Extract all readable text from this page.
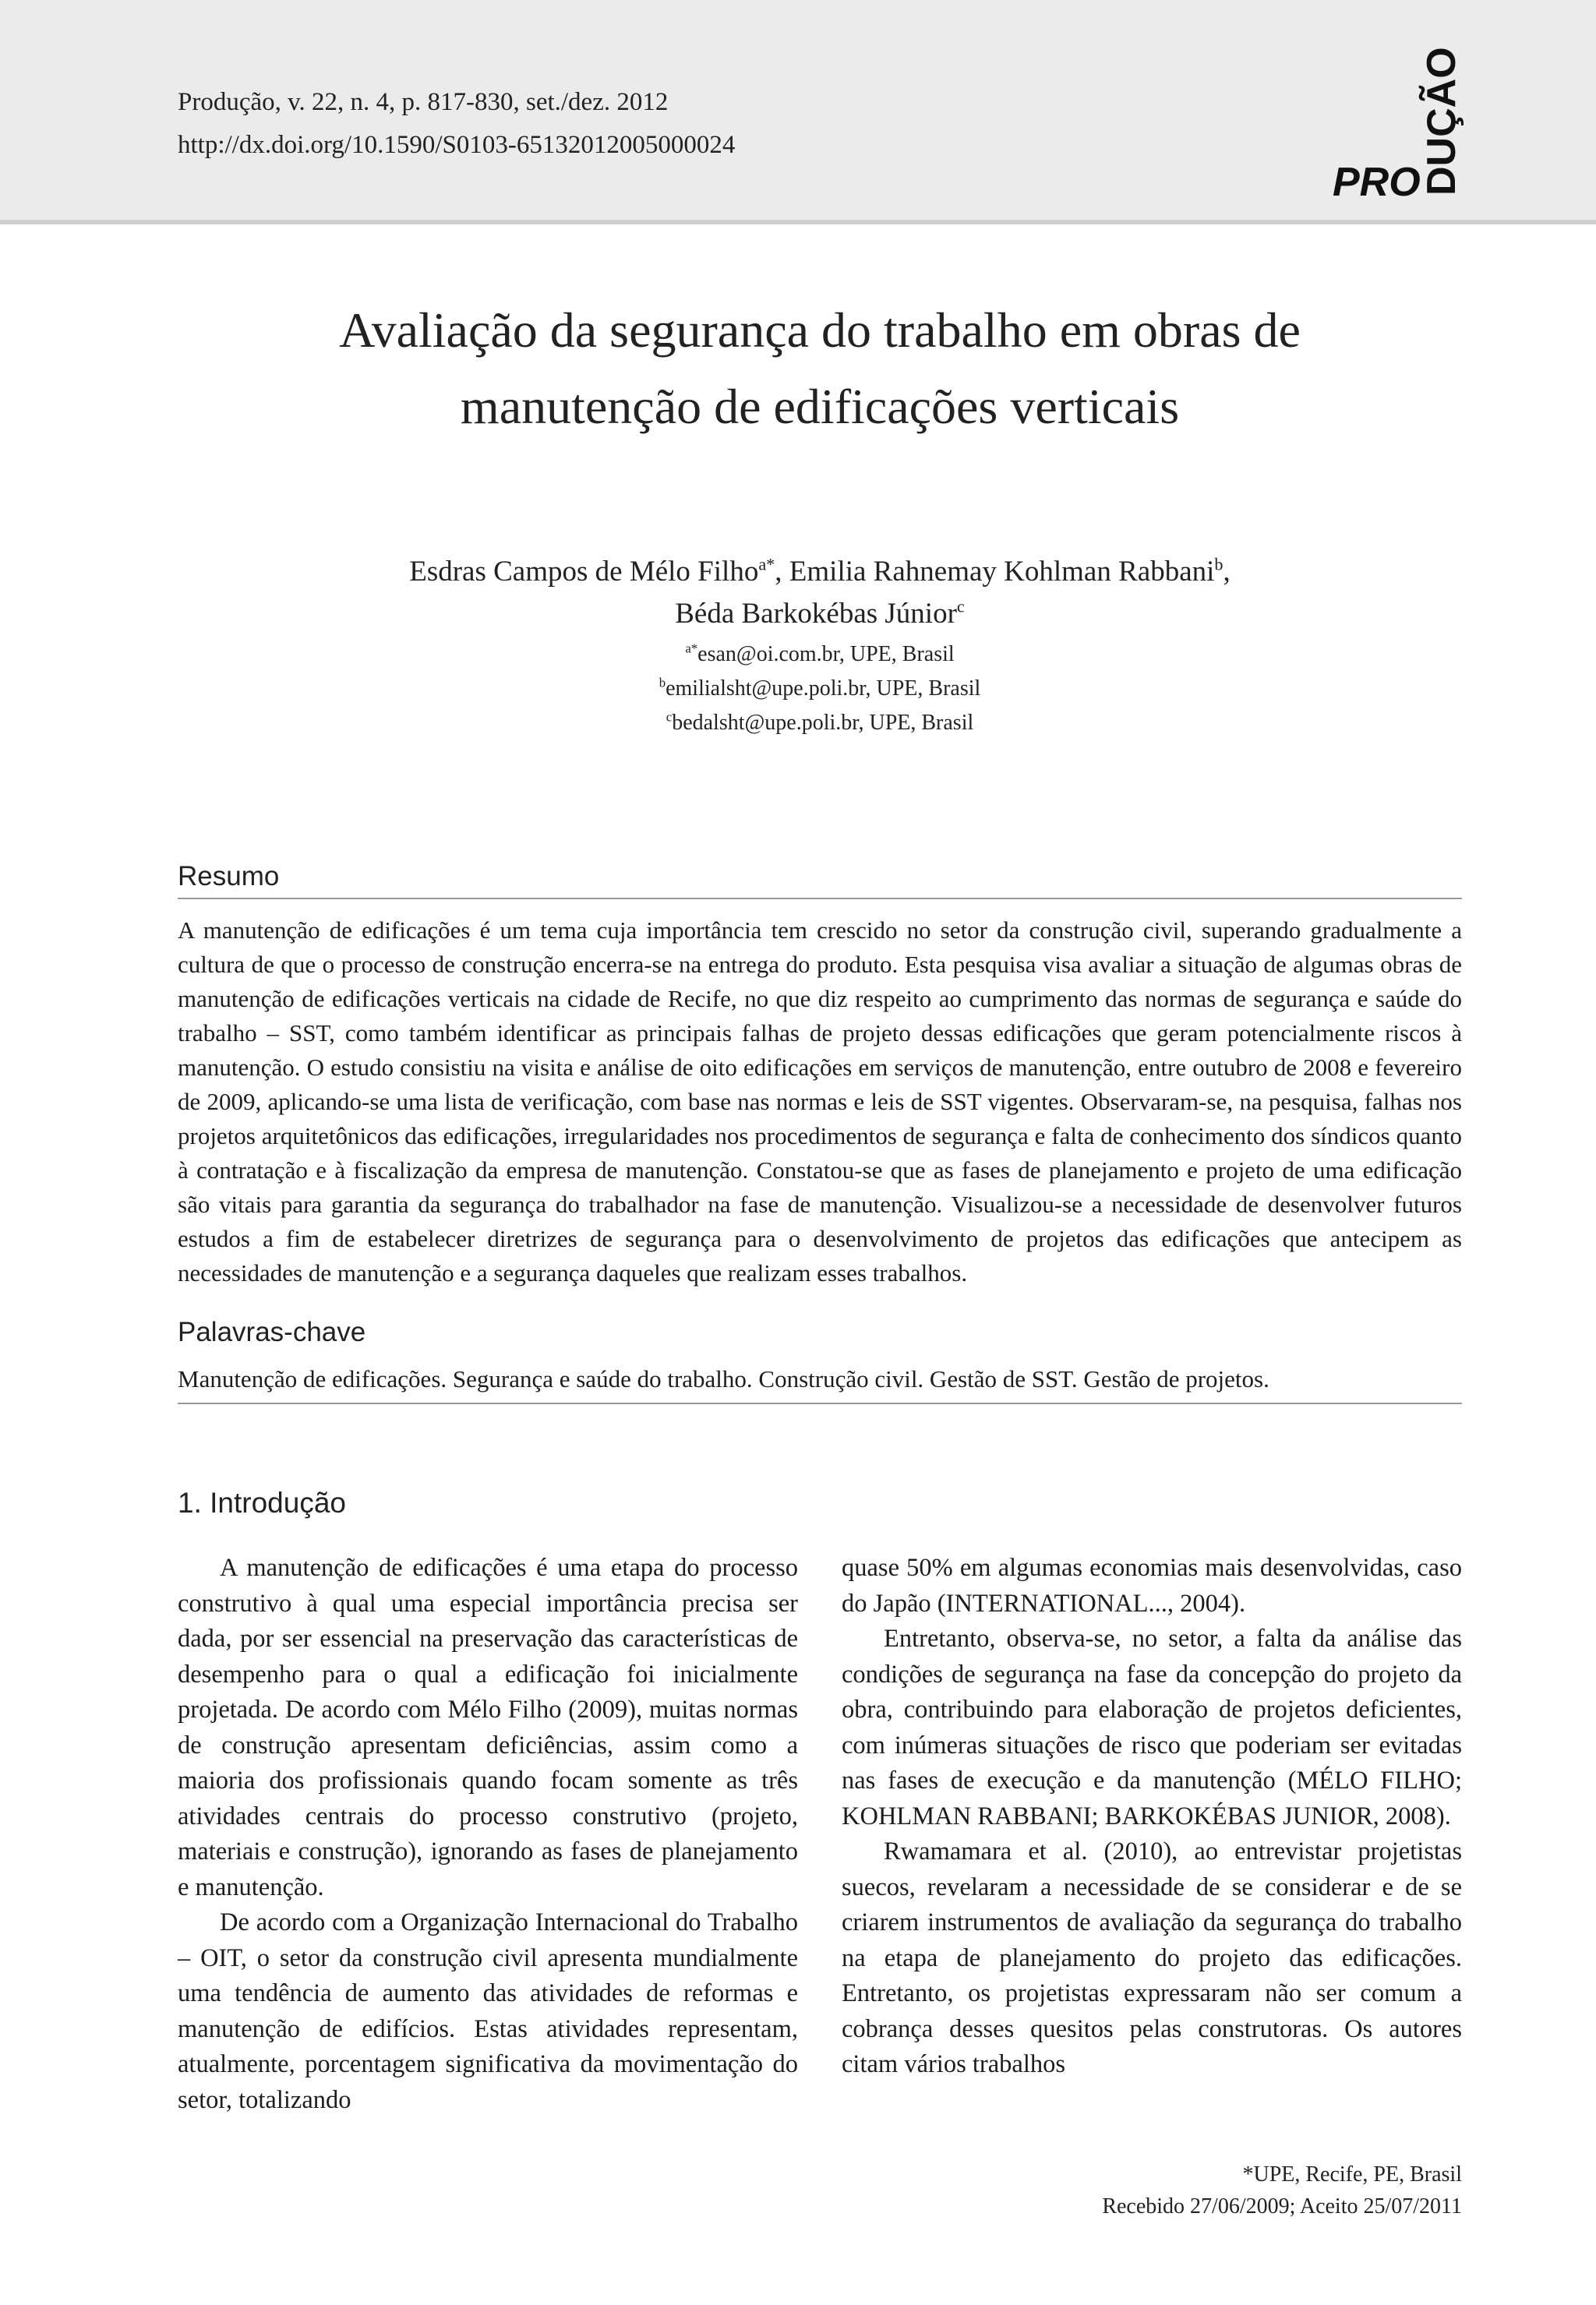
Produção, v. 22, n. 4, p. 817-830, set./dez. 2012
http://dx.doi.org/10.1590/S0103-65132012005000024
PRO
DUÇÃO
Avaliação da segurança do trabalho em obras de
manutenção de edificações verticais
Esdras Campos de Mélo Filho$^{a*}$, Emilia Rahnemay Kohlman Rabbani$^b$,
Béda Barkokébas Júnior$^c$
$^{a*}$esan@oi.com.br, UPE, Brasil
$^b$emilialsht@upe.poli.br, UPE, Brasil
$^c$bedalsht@upe.poli.br, UPE, Brasil
Resumo

A manutenção de edificações é um tema cuja importância tem crescido no setor da construção civil, superando gradualmente a cultura de que o processo de construção encerra-se na entrega do produto. Esta pesquisa visa avaliar a situação de algumas obras de manutenção de edificações verticais na cidade de Recife, no que diz respeito ao cumprimento das normas de segurança e saúde do trabalho – SST, como também identificar as principais falhas de projeto dessas edificações que geram potencialmente riscos à manutenção. O estudo consistiu na visita e análise de oito edificações em serviços de manutenção, entre outubro de 2008 e fevereiro de 2009, aplicando-se uma lista de verificação, com base nas normas e leis de SST vigentes. Observaram-se, na pesquisa, falhas nos projetos arquitetônicos das edificações, irregularidades nos procedimentos de segurança e falta de conhecimento dos síndicos quanto à contratação e à fiscalização da empresa de manutenção. Constatou-se que as fases de planejamento e projeto de uma edificação são vitais para garantia da segurança do trabalhador na fase de manutenção. Visualizou-se a necessidade de desenvolver futuros estudos a fim de estabelecer diretrizes de segurança para o desenvolvimento de projetos das edificações que antecipem as necessidades de manutenção e a segurança daqueles que realizam esses trabalhos.

Palavras-chave

Manutenção de edificações. Segurança e saúde do trabalho. Construção civil. Gestão de SST. Gestão de projetos.

1. Introdução

A manutenção de edificações é uma etapa do processo construtivo à qual uma especial importância precisa ser dada, por ser essencial na preservação das características de desempenho para o qual a edificação foi inicialmente projetada. De acordo com Mélo Filho (2009), muitas normas de construção apresentam deficiências, assim como a maioria dos profissionais quando focam somente as três atividades centrais do processo construtivo (projeto, materiais e construção), ignorando as fases de planejamento e manutenção.

De acordo com a Organização Internacional do Trabalho – OIT, o setor da construção civil apresenta mundialmente uma tendência de aumento das atividades de reformas e manutenção de edifícios. Estas atividades representam, atualmente, porcentagem significativa da movimentação do setor, totalizando

quase 50% em algumas economias mais desenvolvidas, caso do Japão (INTERNATIONAL..., 2004).

Entretanto, observa-se, no setor, a falta da análise das condições de segurança na fase da concepção do projeto da obra, contribuindo para elaboração de projetos deficientes, com inúmeras situações de risco que poderiam ser evitadas nas fases de execução e da manutenção (MÉLO FILHO; KOHLMAN RABBANI; BARKOKÉBAS JUNIOR, 2008).

Rwamamara et al. (2010), ao entrevistar projetistas suecos, revelaram a necessidade de se considerar e de se criarem instrumentos de avaliação da segurança do trabalho na etapa de planejamento do projeto das edificações. Entretanto, os projetistas expressaram não ser comum a cobrança desses quesitos pelas construtoras. Os autores citam vários trabalhos

*UPE, Recife, PE, Brasil
Recebido 27/06/2009; Aceito 25/07/2011
